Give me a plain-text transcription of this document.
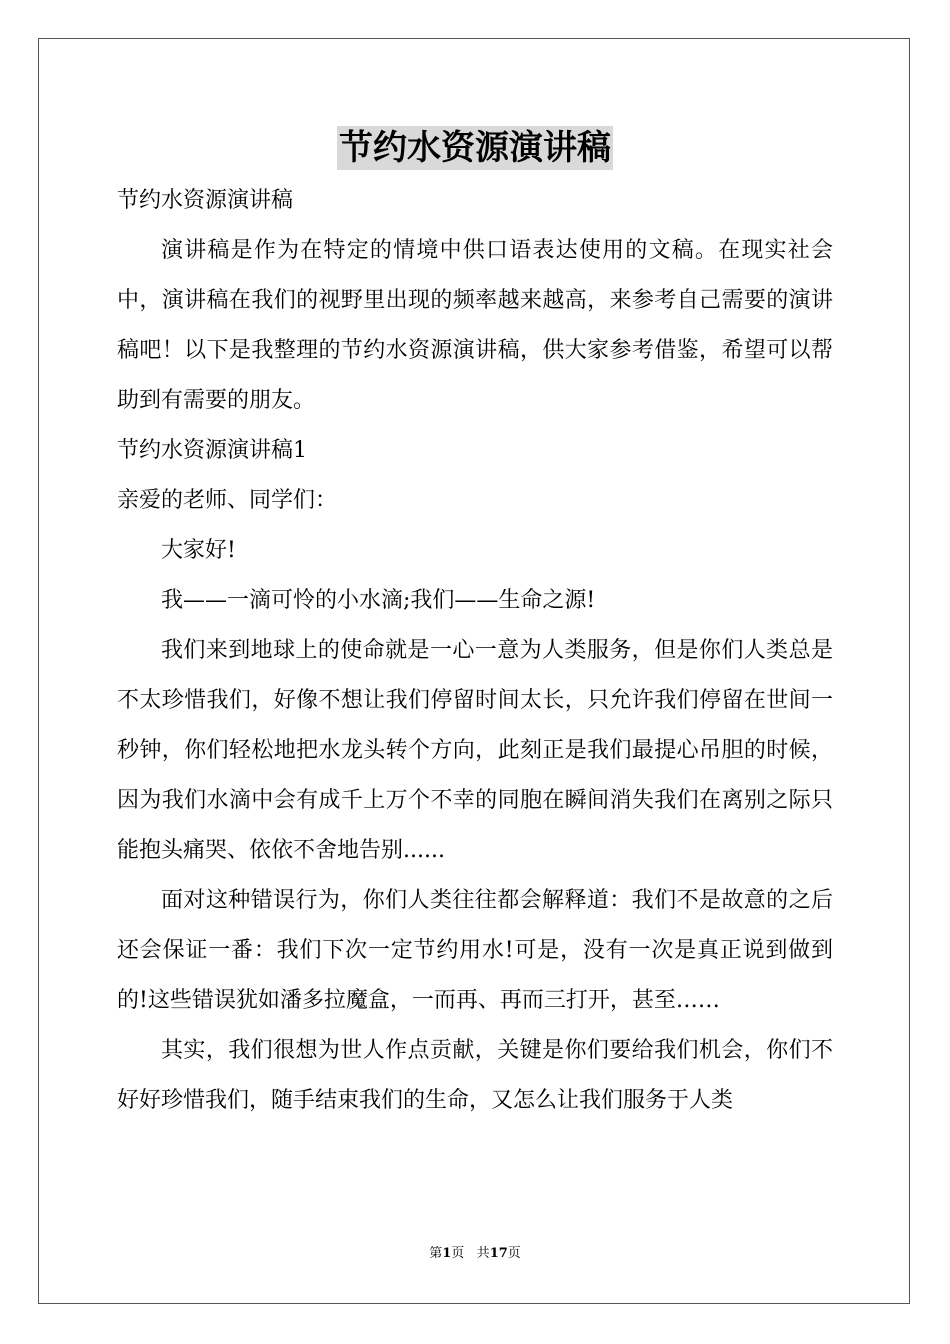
节约水资源演讲稿

节约水资源演讲稿

演讲稿是作为在特定的情境中供口语表达使用的文稿。在现实社会中，演讲稿在我们的视野里出现的频率越来越高，来参考自己需要的演讲稿吧！以下是我整理的节约水资源演讲稿，供大家参考借鉴，希望可以帮助到有需要的朋友。

节约水资源演讲稿1

亲爱的老师、同学们：

大家好!

我——一滴可怜的小水滴;我们——生命之源!

我们来到地球上的使命就是一心一意为人类服务，但是你们人类总是不太珍惜我们，好像不想让我们停留时间太长，只允许我们停留在世间一秒钟，你们轻松地把水龙头转个方向，此刻正是我们最提心吊胆的时候，因为我们水滴中会有成千上万个不幸的同胞在瞬间消失我们在离别之际只能抱头痛哭、依依不舍地告别......

面对这种错误行为，你们人类往往都会解释道：我们不是故意的之后还会保证一番：我们下次一定节约用水!可是，没有一次是真正说到做到的!这些错误犹如潘多拉魔盒，一而再、再而三打开，甚至……

其实，我们很想为世人作点贡献，关键是你们要给我们机会，你们不好好珍惜我们，随手结束我们的生命，又怎么让我们服务于人类

第1页 共17页
